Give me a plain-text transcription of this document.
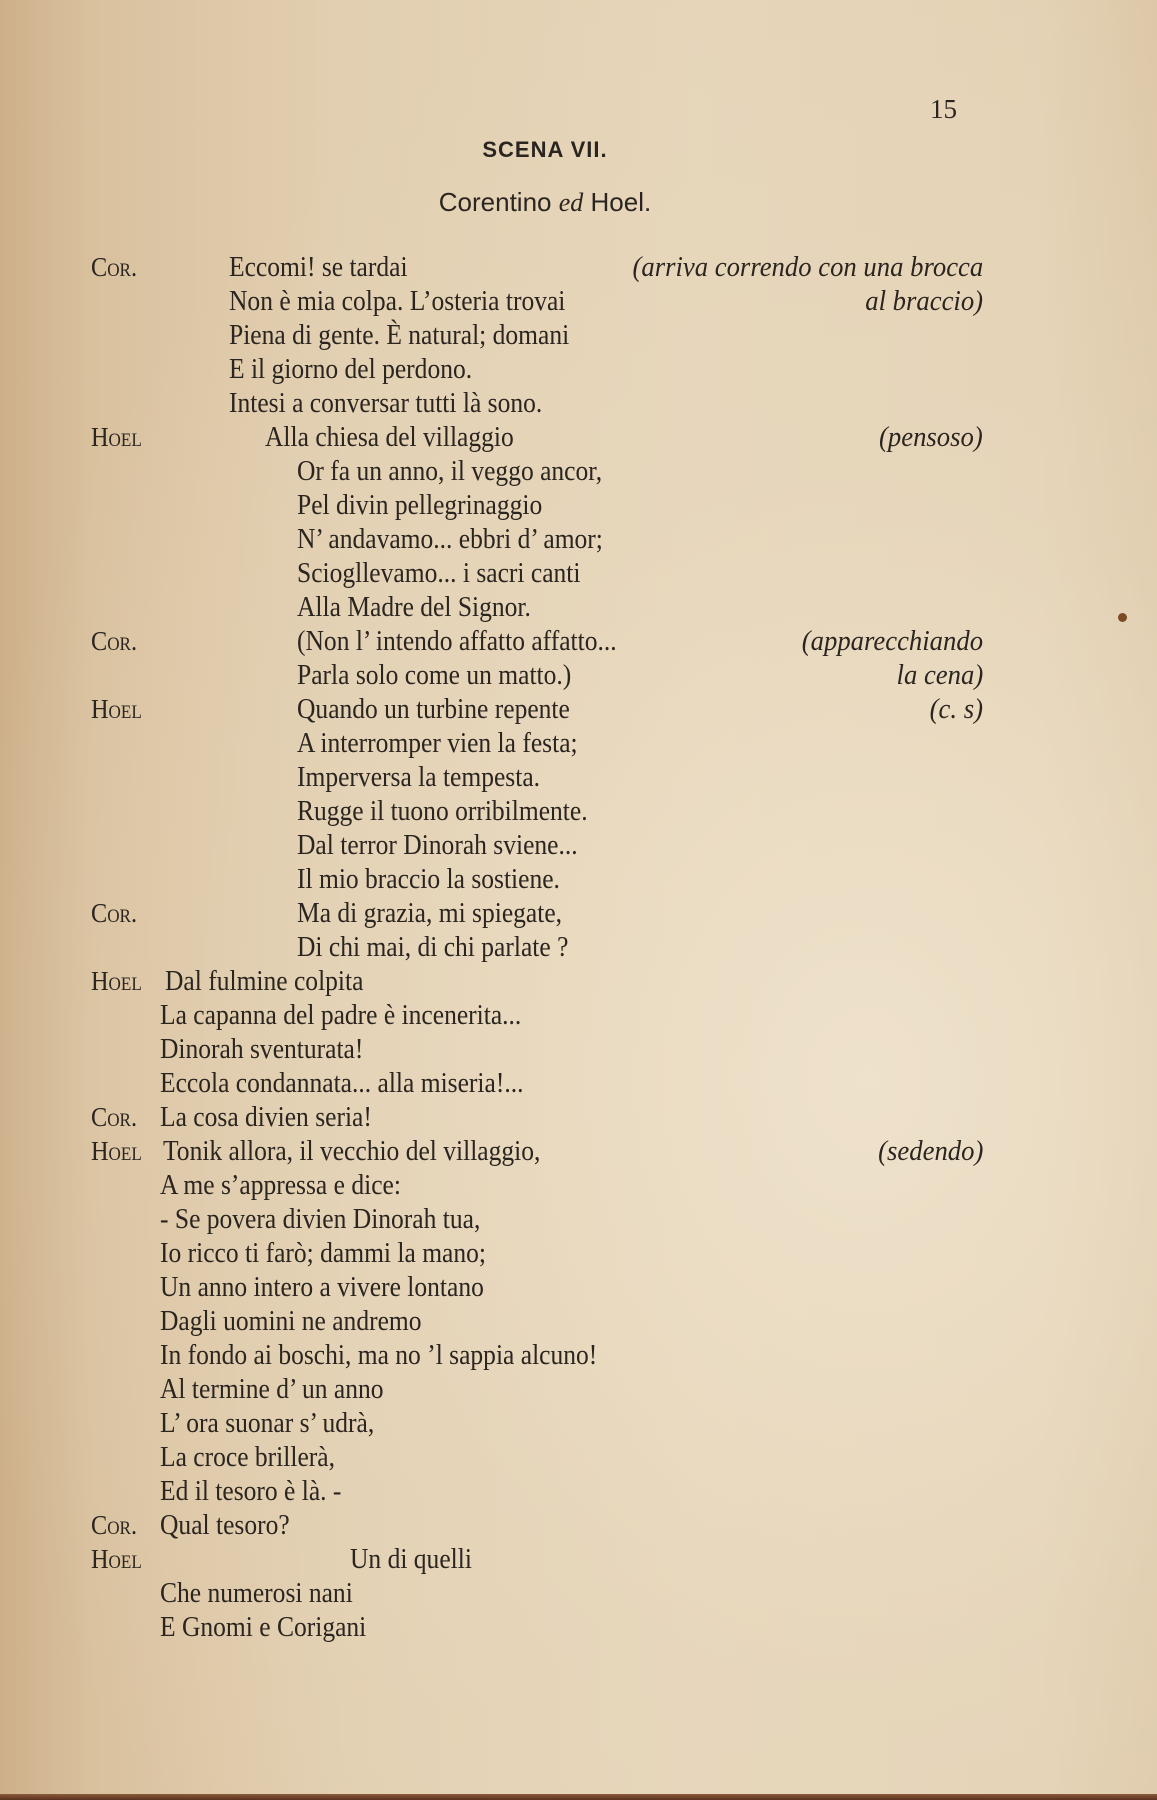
15
SCENA VII.
Corentino ed Hoel.
Cor.
Hoel
Cor.
Hoel
Cor.
Hoel
Cor.
Hoel
Cor.
Hoel
Eccomi! se tardai
Non è mia colpa. L’osteria trovai
Piena di gente. È natural; domani
E il giorno del perdono.
Intesi a conversar tutti là sono.
Alla chiesa del villaggio
Or fa un anno, il veggo ancor,
Pel divin pellegrinaggio
N’ andavamo... ebbri d’ amor;
Sciogllevamo... i sacri canti
Alla Madre del Signor.
(Non l’ intendo affatto affatto...
Parla solo come un matto.)
Quando un turbine repente
A interromper vien la festa;
Imperversa la tempesta.
Rugge il tuono orribilmente.
Dal terror Dinorah sviene...
Il mio braccio la sostiene.
Ma di grazia, mi spiegate,
Di chi mai, di chi parlate ?
Dal fulmine colpita
La capanna del padre è incenerita...
Dinorah sventurata!
Eccola condannata... alla miseria!...
La cosa divien seria!
Tonik allora, il vecchio del villaggio,
A me s’appressa e dice:
- Se povera divien Dinorah tua,
Io ricco ti farò; dammi la mano;
Un anno intero a vivere lontano
Dagli uomini ne andremo
In fondo ai boschi, ma no ’l sappia alcuno!
Al termine d’ un anno
L’ ora suonar s’ udrà,
La croce brillerà,
Ed il tesoro è là. -
Qual tesoro?
Un di quelli
Che numerosi nani
E Gnomi e Corigani
(arriva correndo con una brocca
al braccio)
(pensoso)
(apparecchiando
la cena)
(c. s)
(sedendo)
